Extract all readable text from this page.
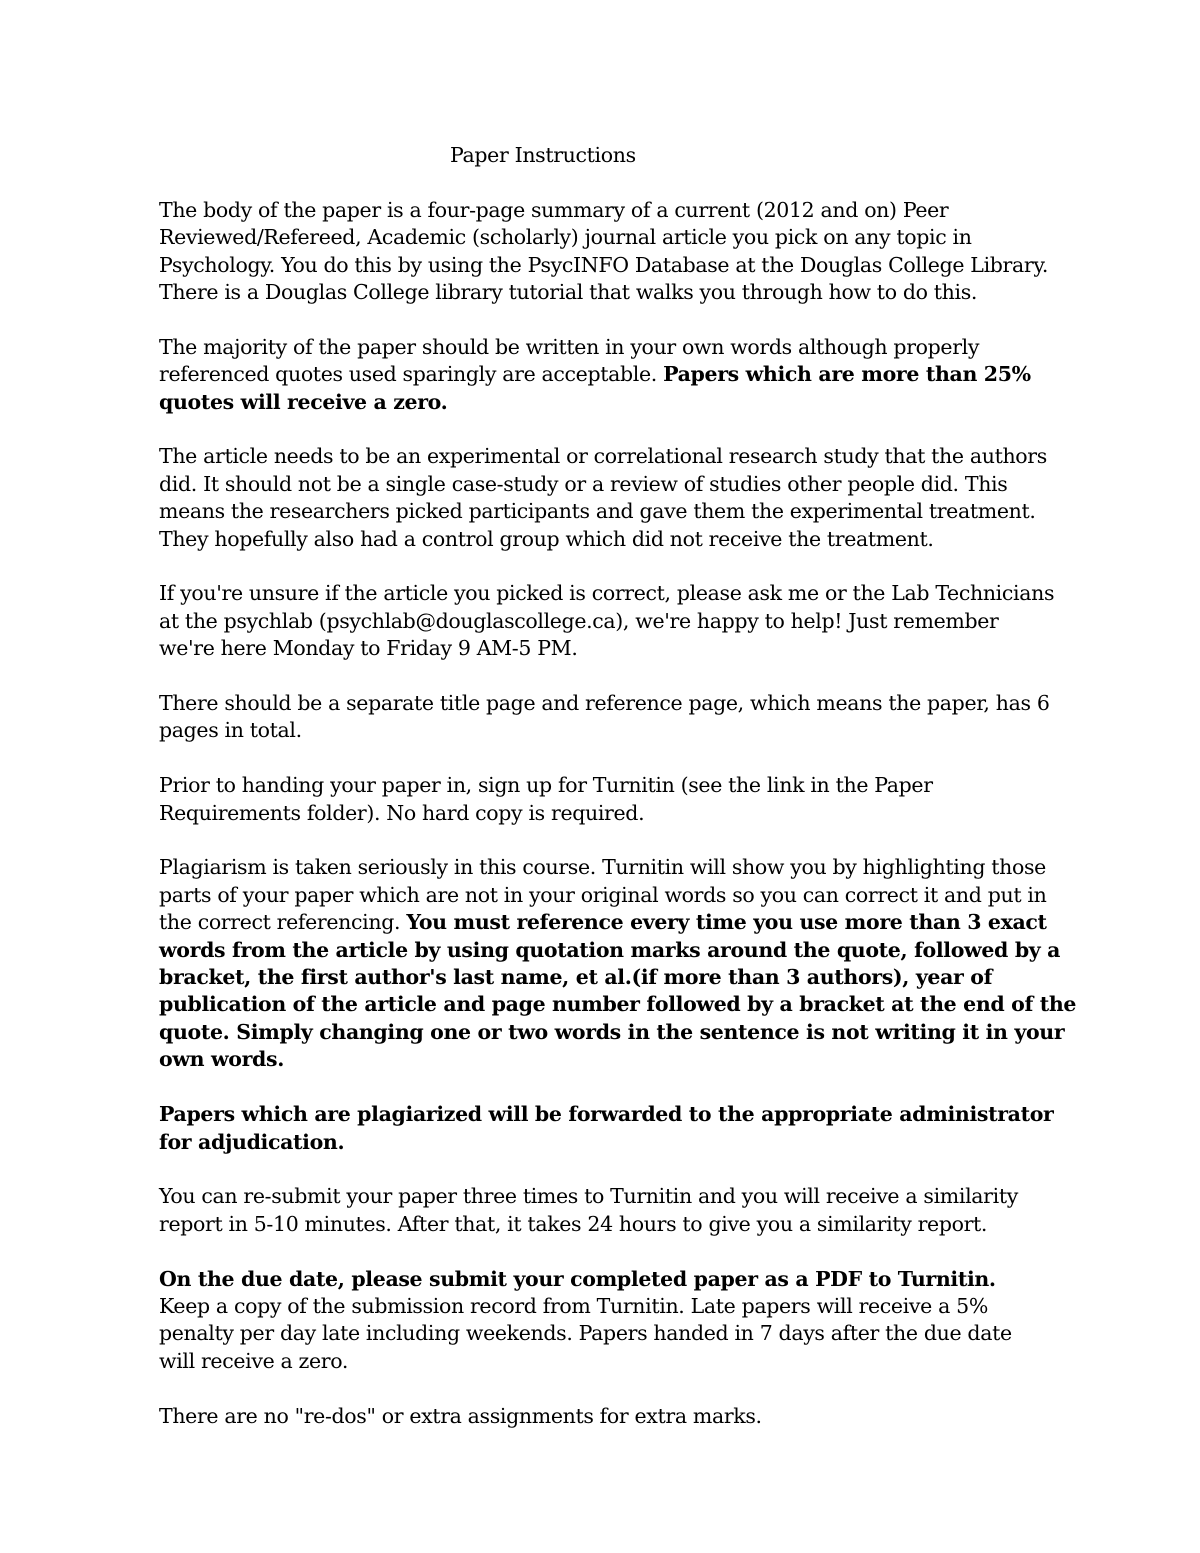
Paper Instructions

The body of the paper is a four-page summary of a current (2012 and on) Peer
Reviewed/Refereed, Academic (scholarly) journal article you pick on any topic in
Psychology. You do this by using the PsycINFO Database at the Douglas College Library.
There is a Douglas College library tutorial that walks you through how to do this.

The majority of the paper should be written in your own words although properly
referenced quotes used sparingly are acceptable. Papers which are more than 25%
quotes will receive a zero.

The article needs to be an experimental or correlational research study that the authors
did. It should not be a single case-study or a review of studies other people did. This
means the researchers picked participants and gave them the experimental treatment.
They hopefully also had a control group which did not receive the treatment.

If you're unsure if the article you picked is correct, please ask me or the Lab Technicians
at the psychlab (psychlab@douglascollege.ca), we're happy to help! Just remember
we're here Monday to Friday 9 AM-5 PM.

There should be a separate title page and reference page, which means the paper, has 6
pages in total.

Prior to handing your paper in, sign up for Turnitin (see the link in the Paper
Requirements folder). No hard copy is required.

Plagiarism is taken seriously in this course. Turnitin will show you by highlighting those
parts of your paper which are not in your original words so you can correct it and put in
the correct referencing. You must reference every time you use more than 3 exact
words from the article by using quotation marks around the quote, followed by a
bracket, the first author's last name, et al.(if more than 3 authors), year of
publication of the article and page number followed by a bracket at the end of the
quote. Simply changing one or two words in the sentence is not writing it in your
own words.

Papers which are plagiarized will be forwarded to the appropriate administrator
for adjudication.

You can re-submit your paper three times to Turnitin and you will receive a similarity
report in 5-10 minutes. After that, it takes 24 hours to give you a similarity report.

On the due date, please submit your completed paper as a PDF to Turnitin.
Keep a copy of the submission record from Turnitin. Late papers will receive a 5%
penalty per day late including weekends. Papers handed in 7 days after the due date
will receive a zero.

There are no "re-dos" or extra assignments for extra marks.
